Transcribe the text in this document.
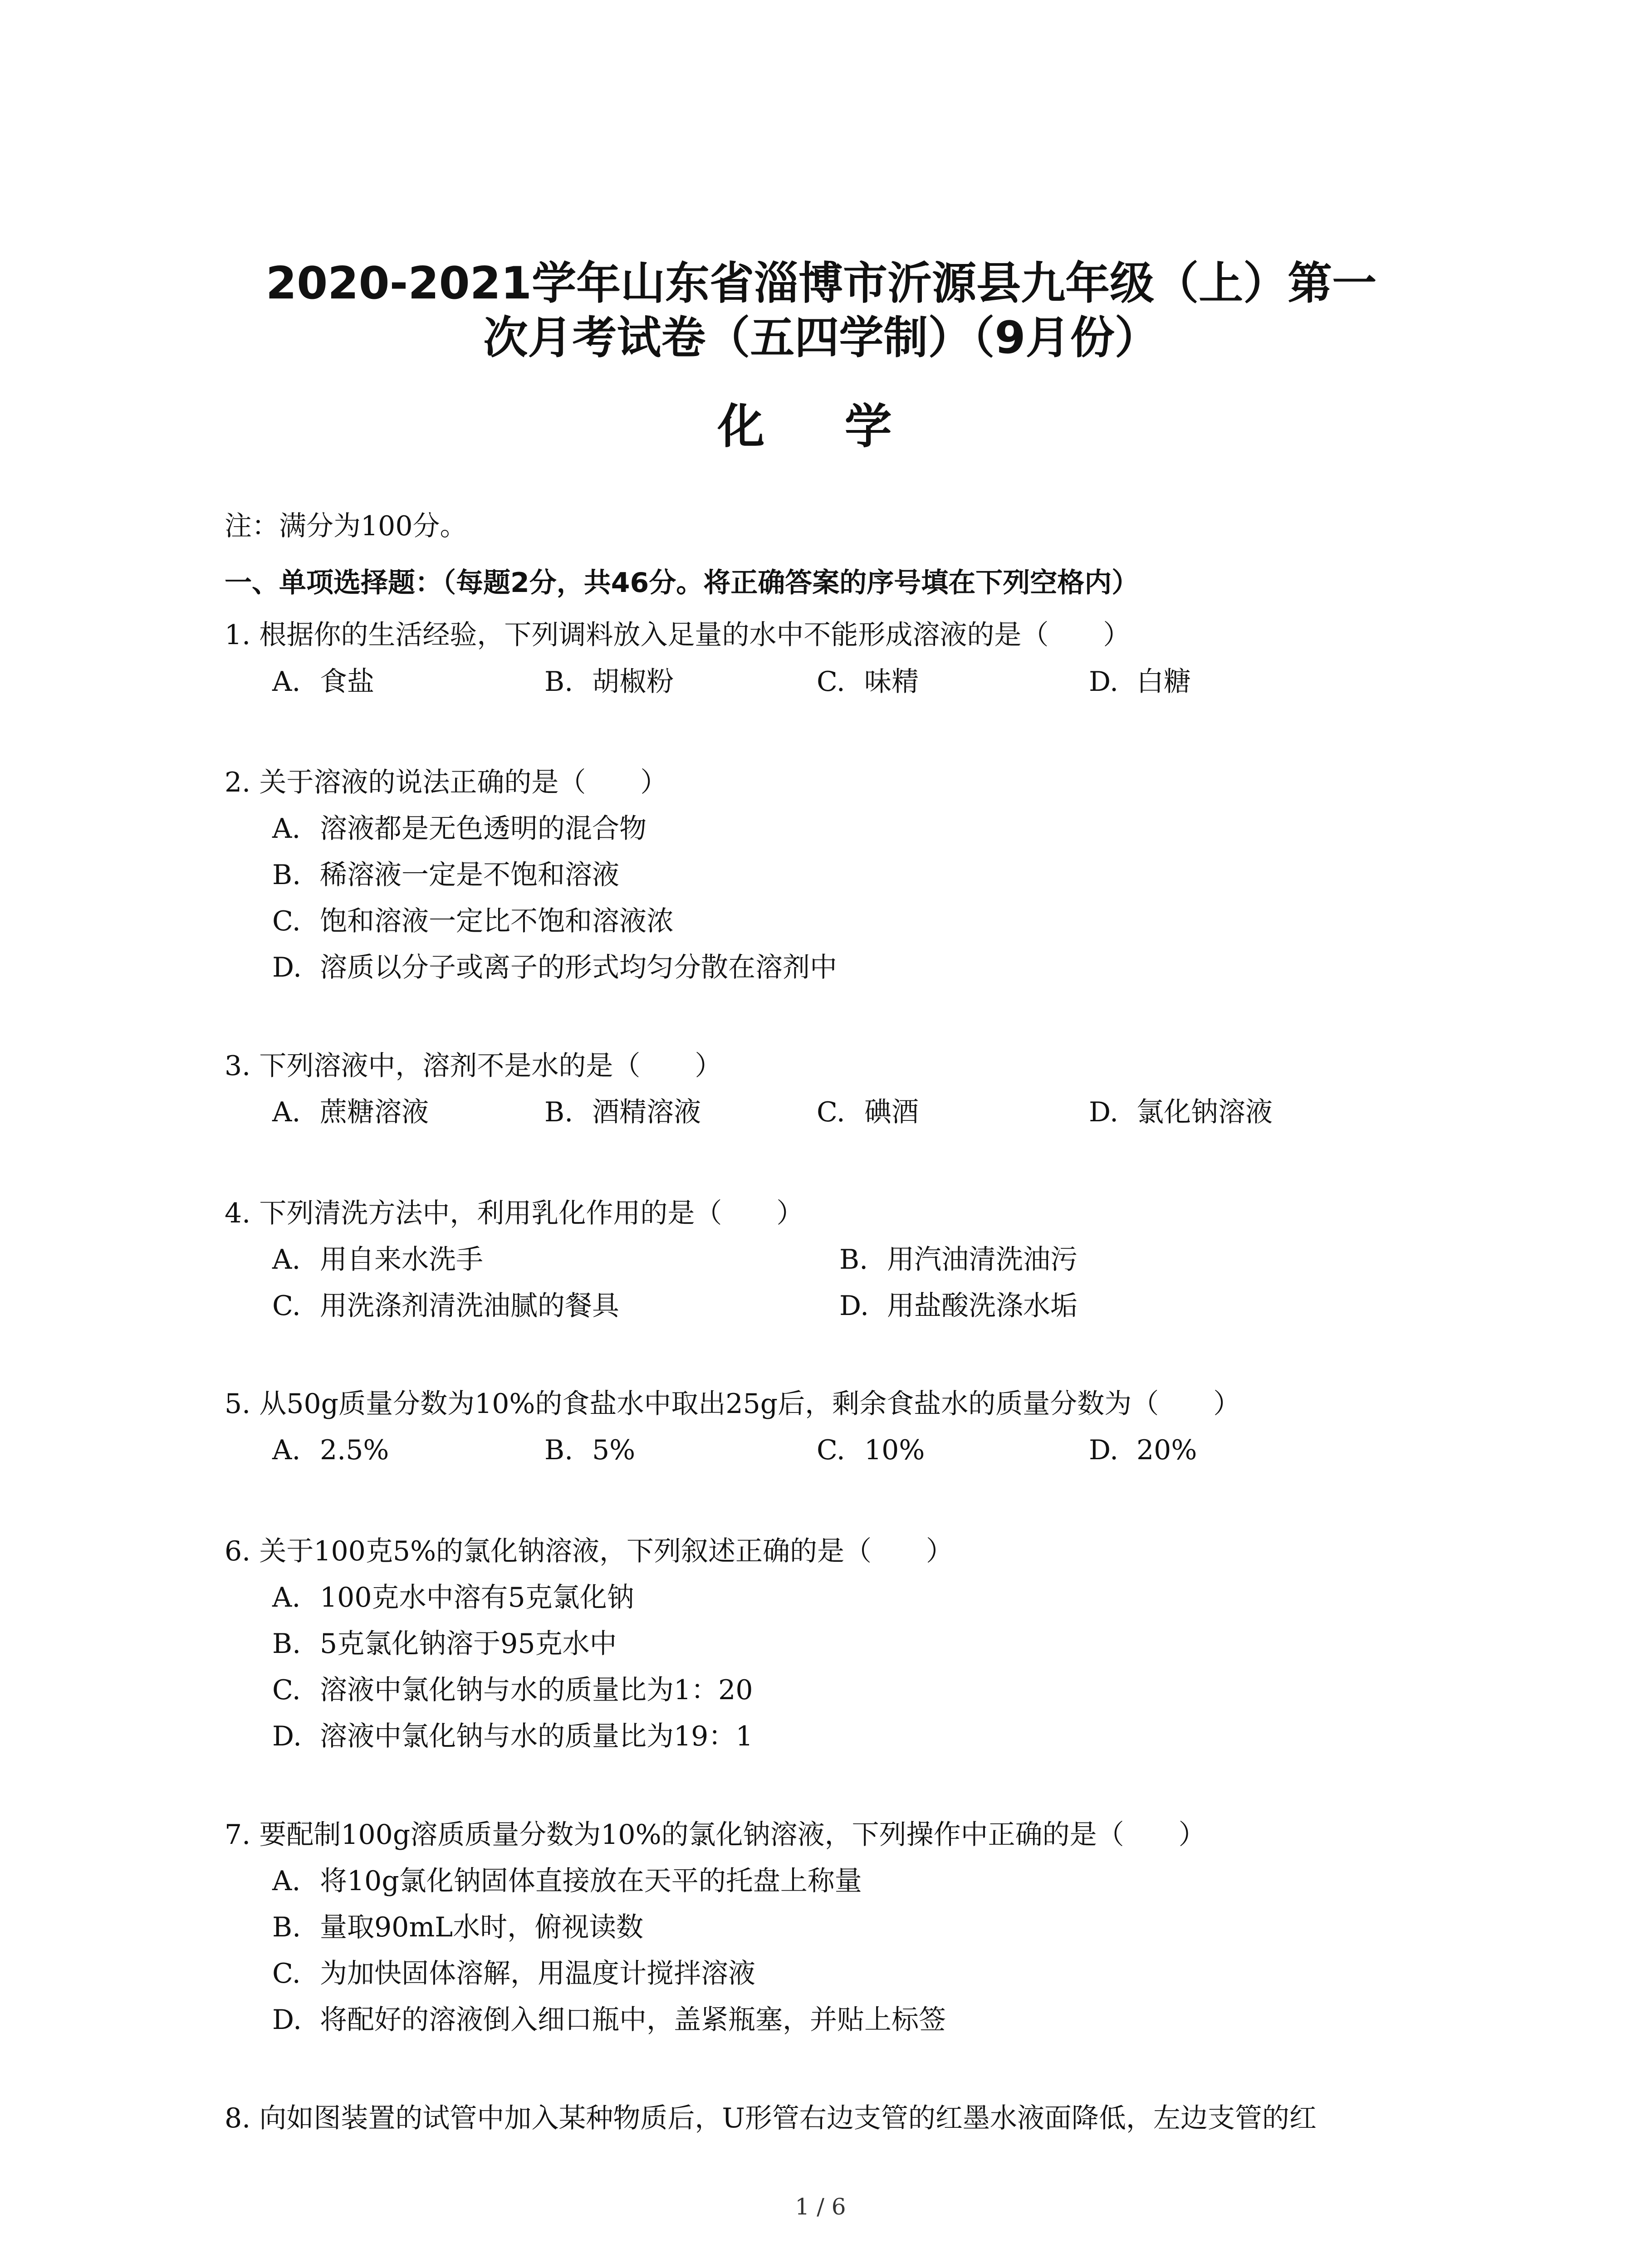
2020-2021学年山东省淄博市沂源县九年级（上）第一
次月考试卷（五四学制）（9月份）
化 学
注：满分为100分。
一、单项选择题：（每题2分，共46分。将正确答案的序号填在下列空格内）
1. 根据你的生活经验，下列调料放入足量的水中不能形成溶液的是（　　）
A. 食盐	B. 胡椒粉	C. 味精	D. 白糖
2. 关于溶液的说法正确的是（　　）
A. 溶液都是无色透明的混合物
B. 稀溶液一定是不饱和溶液
C. 饱和溶液一定比不饱和溶液浓
D. 溶质以分子或离子的形式均匀分散在溶剂中
3. 下列溶液中，溶剂不是水的是（　　）
A. 蔗糖溶液	B. 酒精溶液	C. 碘酒	D. 氯化钠溶液
4. 下列清洗方法中，利用乳化作用的是（　　）
A. 用自来水洗手	B. 用汽油清洗油污
C. 用洗涤剂清洗油腻的餐具	D. 用盐酸洗涤水垢
5. 从50g质量分数为10%的食盐水中取出25g后，剩余食盐水的质量分数为（　　）
A. 2.5%	B. 5%	C. 10%	D. 20%
6. 关于100克5%的氯化钠溶液，下列叙述正确的是（　　）
A. 100克水中溶有5克氯化钠
B. 5克氯化钠溶于95克水中
C. 溶液中氯化钠与水的质量比为1：20
D. 溶液中氯化钠与水的质量比为19：1
7. 要配制100g溶质质量分数为10%的氯化钠溶液，下列操作中正确的是（　　）
A. 将10g氯化钠固体直接放在天平的托盘上称量
B. 量取90mL水时，俯视读数
C. 为加快固体溶解，用温度计搅拌溶液
D. 将配好的溶液倒入细口瓶中，盖紧瓶塞，并贴上标签
8. 向如图装置的试管中加入某种物质后，U形管右边支管的红墨水液面降低，左边支管的红
1 / 6
